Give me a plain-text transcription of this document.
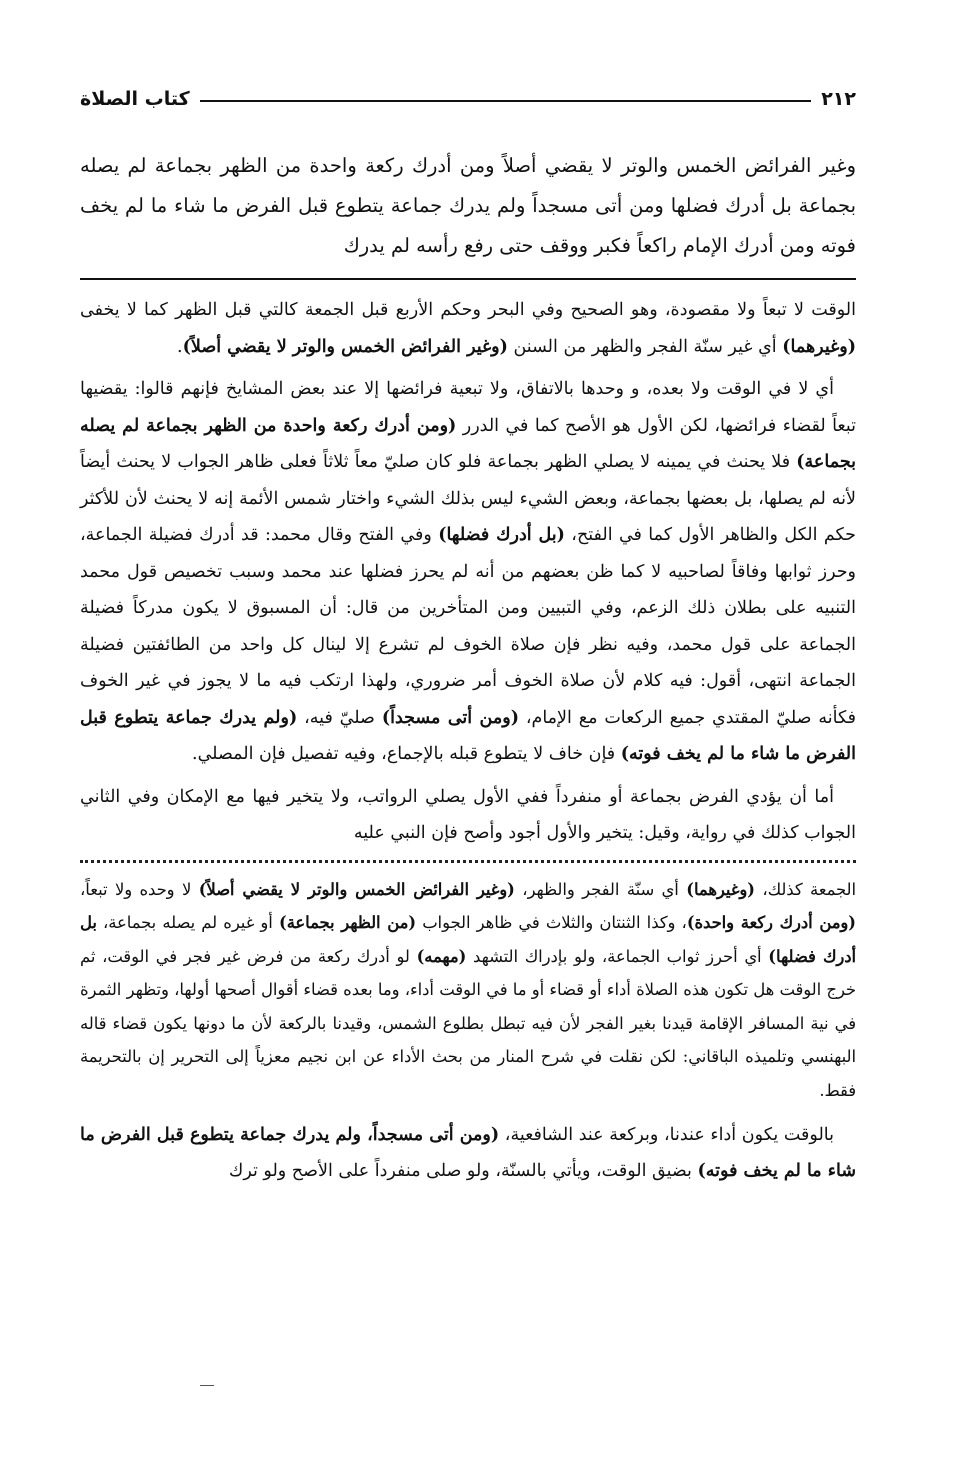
٢١٢
كتاب الصلاة

وغير الفرائض الخمس والوتر لا يقضي أصلاً ومن أدرك ركعة واحدة من الظهر بجماعة لم يصله بجماعة بل أدرك فضلها ومن أتى مسجداً ولم يدرك جماعة يتطوع قبل الفرض ما شاء ما لم يخف فوته ومن أدرك الإمام راكعاً فكبر ووقف حتى رفع رأسه لم يدرك

الوقت لا تبعاً ولا مقصودة، وهو الصحيح وفي البحر وحكم الأربع قبل الجمعة كالتي قبل الظهر كما لا يخفى (وغيرهما) أي غير سنّة الفجر والظهر من السنن (وغير الفرائض الخمس والوتر لا يقضي أصلاً).

أي لا في الوقت ولا بعده، و وحدها بالاتفاق، ولا تبعية فرائضها إلا عند بعض المشايخ فإنهم قالوا: يقضيها تبعاً لقضاء فرائضها، لكن الأول هو الأصح كما في الدرر (ومن أدرك ركعة واحدة من الظهر بجماعة لم يصله بجماعة) فلا يحنث في يمينه لا يصلي الظهر بجماعة فلو كان صليّ معاً ثلاثاً فعلى ظاهر الجواب لا يحنث أيضاً لأنه لم يصلها، بل بعضها بجماعة، وبعض الشيء ليس بذلك الشيء واختار شمس الأئمة إنه لا يحنث لأن للأكثر حكم الكل والظاهر الأول كما في الفتح، (بل أدرك فضلها) وفي الفتح وقال محمد: قد أدرك فضيلة الجماعة، وحرز ثوابها وفاقاً لصاحبيه لا كما ظن بعضهم من أنه لم يحرز فضلها عند محمد وسبب تخصيص قول محمد التنبيه على بطلان ذلك الزعم، وفي التبيين ومن المتأخرين من قال: أن المسبوق لا يكون مدركاً فضيلة الجماعة على قول محمد، وفيه نظر فإن صلاة الخوف لم تشرع إلا لينال كل واحد من الطائفتين فضيلة الجماعة انتهى، أقول: فيه كلام لأن صلاة الخوف أمر ضروري، ولهذا ارتكب فيه ما لا يجوز في غير الخوف فكأنه صليّ المقتدي جميع الركعات مع الإمام، (ومن أتى مسجداً) صليّ فيه، (ولم يدرك جماعة يتطوع قبل الفرض ما شاء ما لم يخف فوته) فإن خاف لا يتطوع قبله بالإجماع، وفيه تفصيل فإن المصلي.

أما أن يؤدي الفرض بجماعة أو منفرداً ففي الأول يصلي الرواتب، ولا يتخير فيها مع الإمكان وفي الثاني الجواب كذلك في رواية، وقيل: يتخير والأول أجود وأصح فإن النبي عليه

الجمعة كذلك، (وغيرهما) أي سنّة الفجر والظهر، (وغير الفرائض الخمس والوتر لا يقضي أصلاً) لا وحده ولا تبعاً، (ومن أدرك ركعة واحدة)، وكذا الثنتان والثلاث في ظاهر الجواب (من الظهر بجماعة) أو غيره لم يصله بجماعة، بل أدرك فضلها) أي أحرز ثواب الجماعة، ولو بإدراك التشهد (مهمه) لو أدرك ركعة من فرض غير فجر في الوقت، ثم خرج الوقت هل تكون هذه الصلاة أداء أو قضاء أو ما في الوقت أداء، وما بعده قضاء أقوال أصحها أولها، وتظهر الثمرة في نية المسافر الإقامة قيدنا بغير الفجر لأن فيه تبطل بطلوع الشمس، وقيدنا بالركعة لأن ما دونها يكون قضاء قاله البهنسي وتلميذه الباقاني: لكن نقلت في شرح المنار من بحث الأداء عن ابن نجيم معزياً إلى التحرير إن بالتحريمة فقط.

بالوقت يكون أداء عندنا، وبركعة عند الشافعية، (ومن أتى مسجداً، ولم يدرك جماعة يتطوع قبل الفرض ما شاء ما لم يخف فوته) بضيق الوقت، ويأتي بالسنّة، ولو صلى منفرداً على الأصح ولو ترك
